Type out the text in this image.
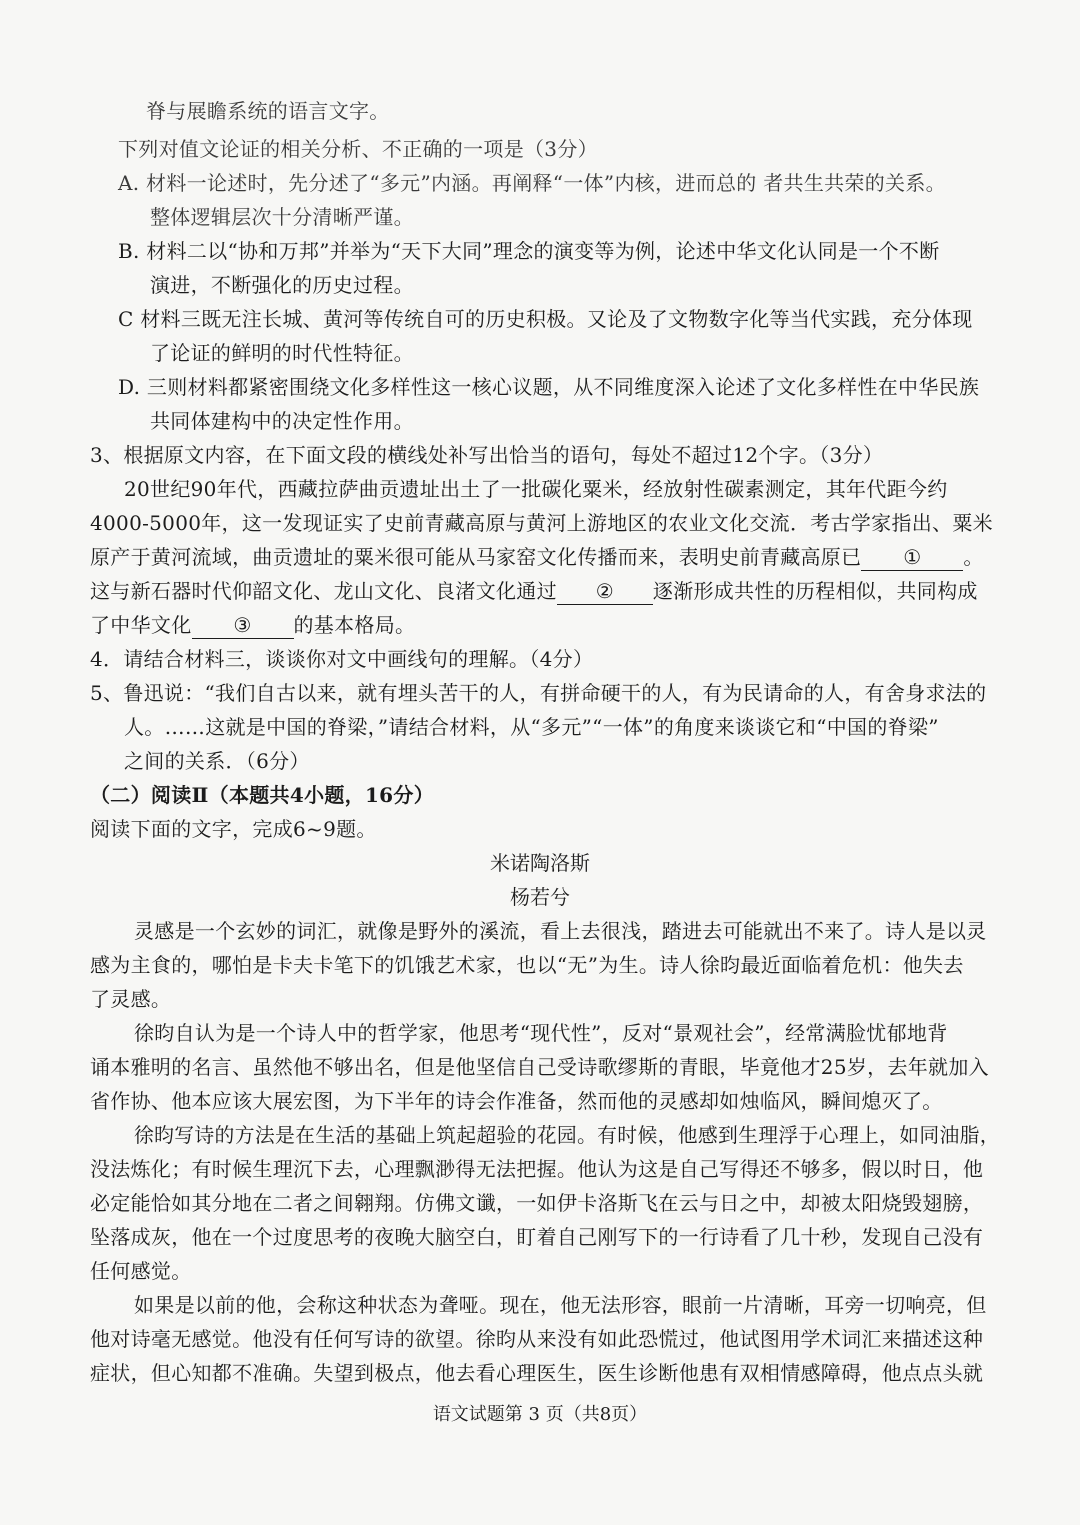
脊与展瞻系统的语言文字。
下列对值文论证的相关分析、不正确的一项是（3分）
A. 材料一论述时，先分述了“多元”内涵。再阐释“一体”内核，进而总的 者共生共荣的关系。
整体逻辑层次十分清晰严谨。
B. 材料二以“协和万邦”并举为“天下大同”理念的演变等为例，论述中华文化认同是一个不断
演进，不断强化的历史过程。
C 材料三既无注长城、黄河等传统自可的历史积极。又论及了文物数字化等当代实践，充分体现
了论证的鲜明的时代性特征。
D. 三则材料都紧密围绕文化多样性这一核心议题，从不同维度深入论述了文化多样性在中华民族
共同体建构中的决定性作用。
3、根据原文内容，在下面文段的横线处补写出恰当的语句，每处不超过12个字。（3分）
20世纪90年代，西藏拉萨曲贡遗址出土了一批碳化粟米，经放射性碳素测定，其年代距今约
4000-5000年，这一发现证实了史前青藏高原与黄河上游地区的农业文化交流．考古学家指出、粟米
原产于黄河流域，曲贡遗址的粟米很可能从马家窑文化传播而来，表明史前青藏高原已 ① 。
这与新石器时代仰韶文化、龙山文化、良渚文化通过 ② 逐渐形成共性的历程相似，共同构成
了中华文化 ③ 的基本格局。
4．请结合材料三，谈谈你对文中画线句的理解。（4分）
5、鲁迅说：“我们自古以来，就有埋头苦干的人，有拼命硬干的人，有为民请命的人，有舍身求法的
人。……这就是中国的脊梁，”请结合材料，从“多元”“一体”的角度来谈谈它和“中国的脊梁”
之间的关系．（6分）
（二）阅读Ⅱ（本题共4小题，16分）
阅读下面的文字，完成6~9题。
米诺陶洛斯
杨若兮
灵感是一个玄妙的词汇，就像是野外的溪流，看上去很浅，踏进去可能就出不来了。诗人是以灵
感为主食的，哪怕是卡夫卡笔下的饥饿艺术家，也以“无”为生。诗人徐昀最近面临着危机：他失去
了灵感。
徐昀自认为是一个诗人中的哲学家，他思考“现代性”，反对“景观社会”，经常满脸忧郁地背
诵本雅明的名言、虽然他不够出名，但是他坚信自己受诗歌缪斯的青眼，毕竟他才25岁，去年就加入
省作协、他本应该大展宏图，为下半年的诗会作准备，然而他的灵感却如烛临风，瞬间熄灭了。
徐昀写诗的方法是在生活的基础上筑起超验的花园。有时候，他感到生理浮于心理上，如同油脂，
没法炼化；有时候生理沉下去，心理飘渺得无法把握。他认为这是自己写得还不够多，假以时日，他
必定能恰如其分地在二者之间翱翔。仿佛文谶，一如伊卡洛斯飞在云与日之中，却被太阳烧毁翅膀，
坠落成灰，他在一个过度思考的夜晚大脑空白，盯着自己刚写下的一行诗看了几十秒，发现自己没有
任何感觉。
如果是以前的他，会称这种状态为聋哑。现在，他无法形容，眼前一片清晰，耳旁一切响亮，但
他对诗毫无感觉。他没有任何写诗的欲望。徐昀从来没有如此恐慌过，他试图用学术词汇来描述这种
症状，但心知都不准确。失望到极点，他去看心理医生，医生诊断他患有双相情感障碍，他点点头就
语文试题第 3 页（共8页）
